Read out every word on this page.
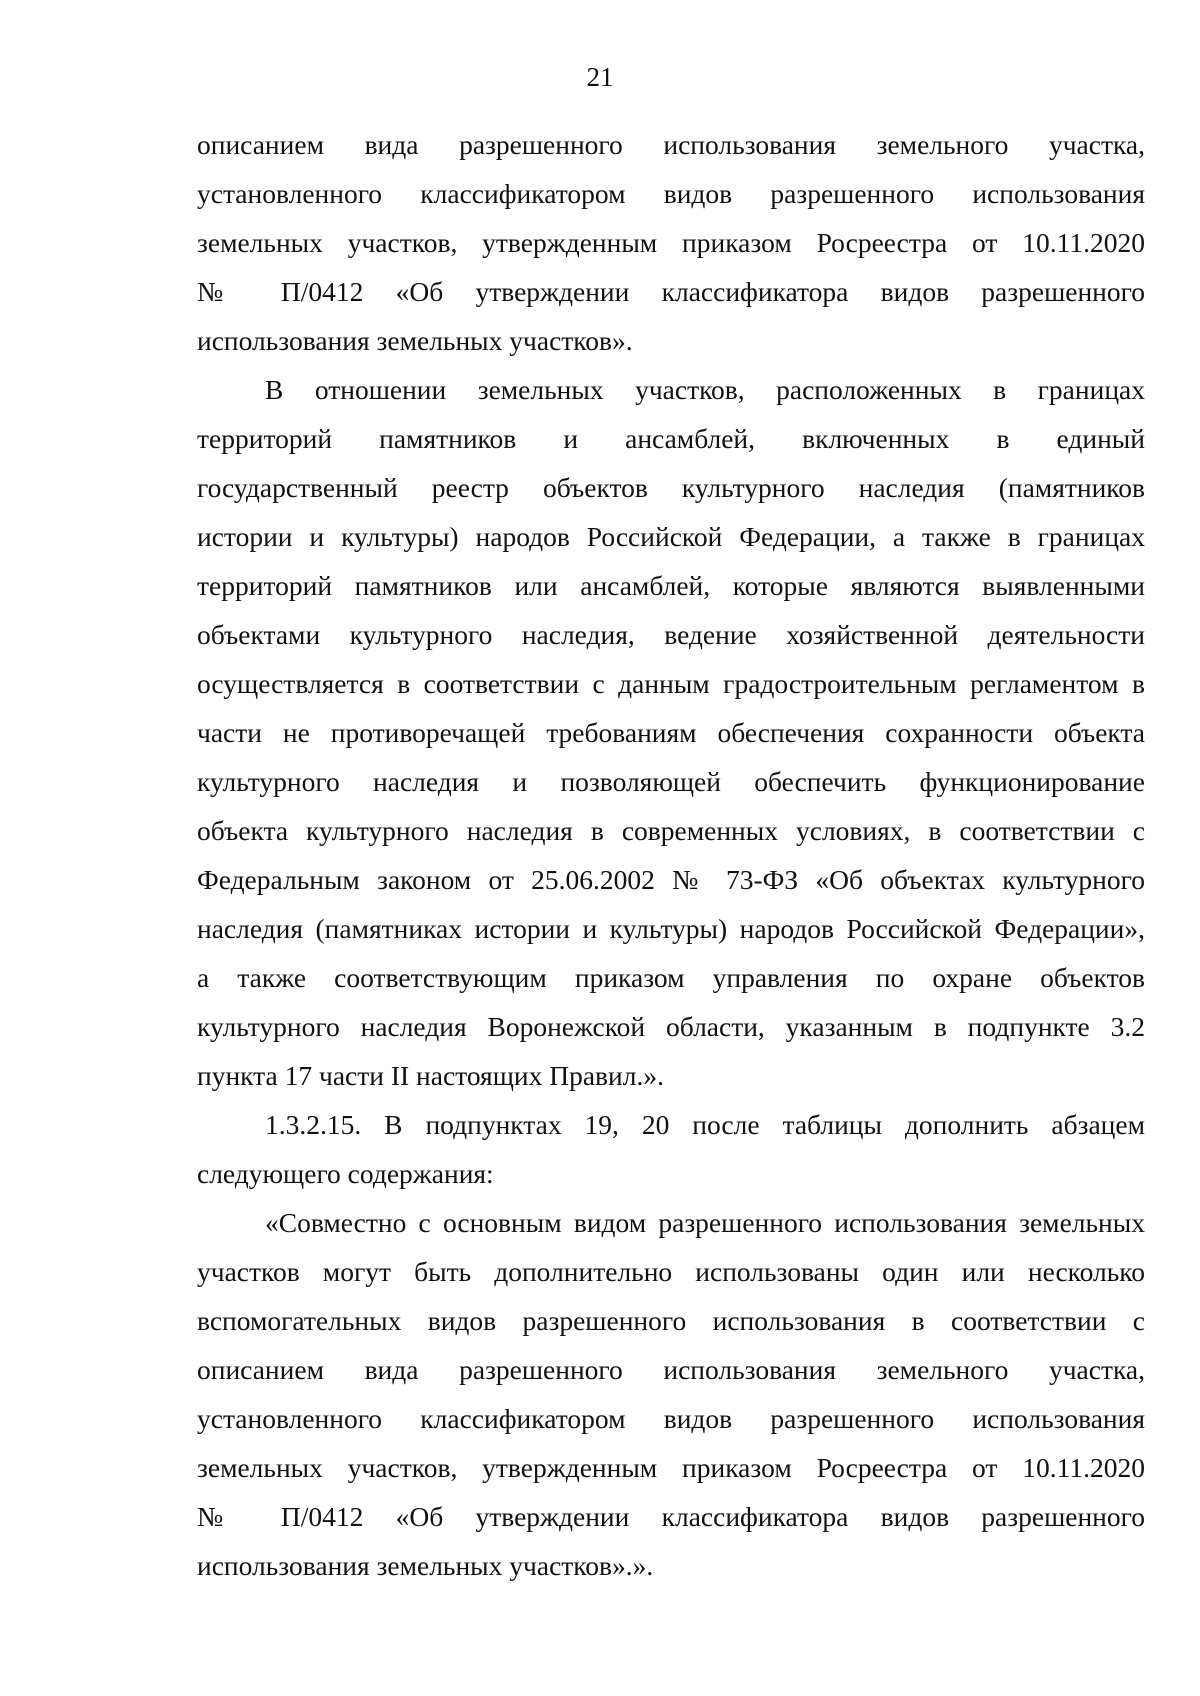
21
описанием вида разрешенного использования земельного участка,
установленного классификатором видов разрешенного использования
земельных участков, утвержденным приказом Росреестра от 10.11.2020
№ П/0412 «Об утверждении классификатора видов разрешенного
использования земельных участков».
В отношении земельных участков, расположенных в границах
территорий памятников и ансамблей, включенных в единый
государственный реестр объектов культурного наследия (памятников
истории и культуры) народов Российской Федерации, а также в границах
территорий памятников или ансамблей, которые являются выявленными
объектами культурного наследия, ведение хозяйственной деятельности
осуществляется в соответствии с данным градостроительным регламентом в
части не противоречащей требованиям обеспечения сохранности объекта
культурного наследия и позволяющей обеспечить функционирование
объекта культурного наследия в современных условиях, в соответствии с
Федеральным законом от 25.06.2002 № 73-ФЗ «Об объектах культурного
наследия (памятниках истории и культуры) народов Российской Федерации»,
а также соответствующим приказом управления по охране объектов
культурного наследия Воронежской области, указанным в подпункте 3.2
пункта 17 части II настоящих Правил.».
1.3.2.15. В подпунктах 19, 20 после таблицы дополнить абзацем
следующего содержания:
«Совместно с основным видом разрешенного использования земельных
участков могут быть дополнительно использованы один или несколько
вспомогательных видов разрешенного использования в соответствии с
описанием вида разрешенного использования земельного участка,
установленного классификатором видов разрешенного использования
земельных участков, утвержденным приказом Росреестра от 10.11.2020
№ П/0412 «Об утверждении классификатора видов разрешенного
использования земельных участков».».
